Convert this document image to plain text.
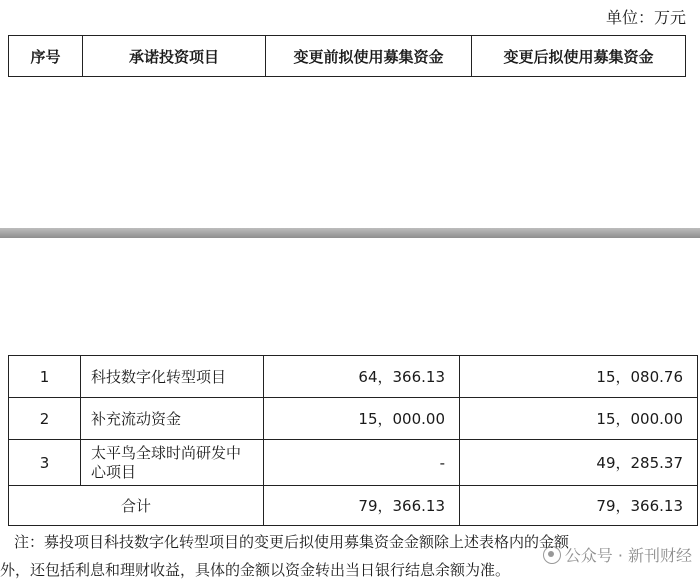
单位：万元
序号	承诺投资项目	变更前拟使用募集资金	变更后拟使用募集资金
1	科技数字化转型项目	64，366.13	15，080.76
2	补充流动资金	15，000.00	15，000.00
3	太平鸟全球时尚研发中心项目	-	49，285.37
合计		79，366.13	79，366.13
注：募投项目科技数字化转型项目的变更后拟使用募集资金金额除上述表格内的金额
外，还包括利息和理财收益，具体的金额以资金转出当日银行结息余额为准。
公众号 · 新刊财经
